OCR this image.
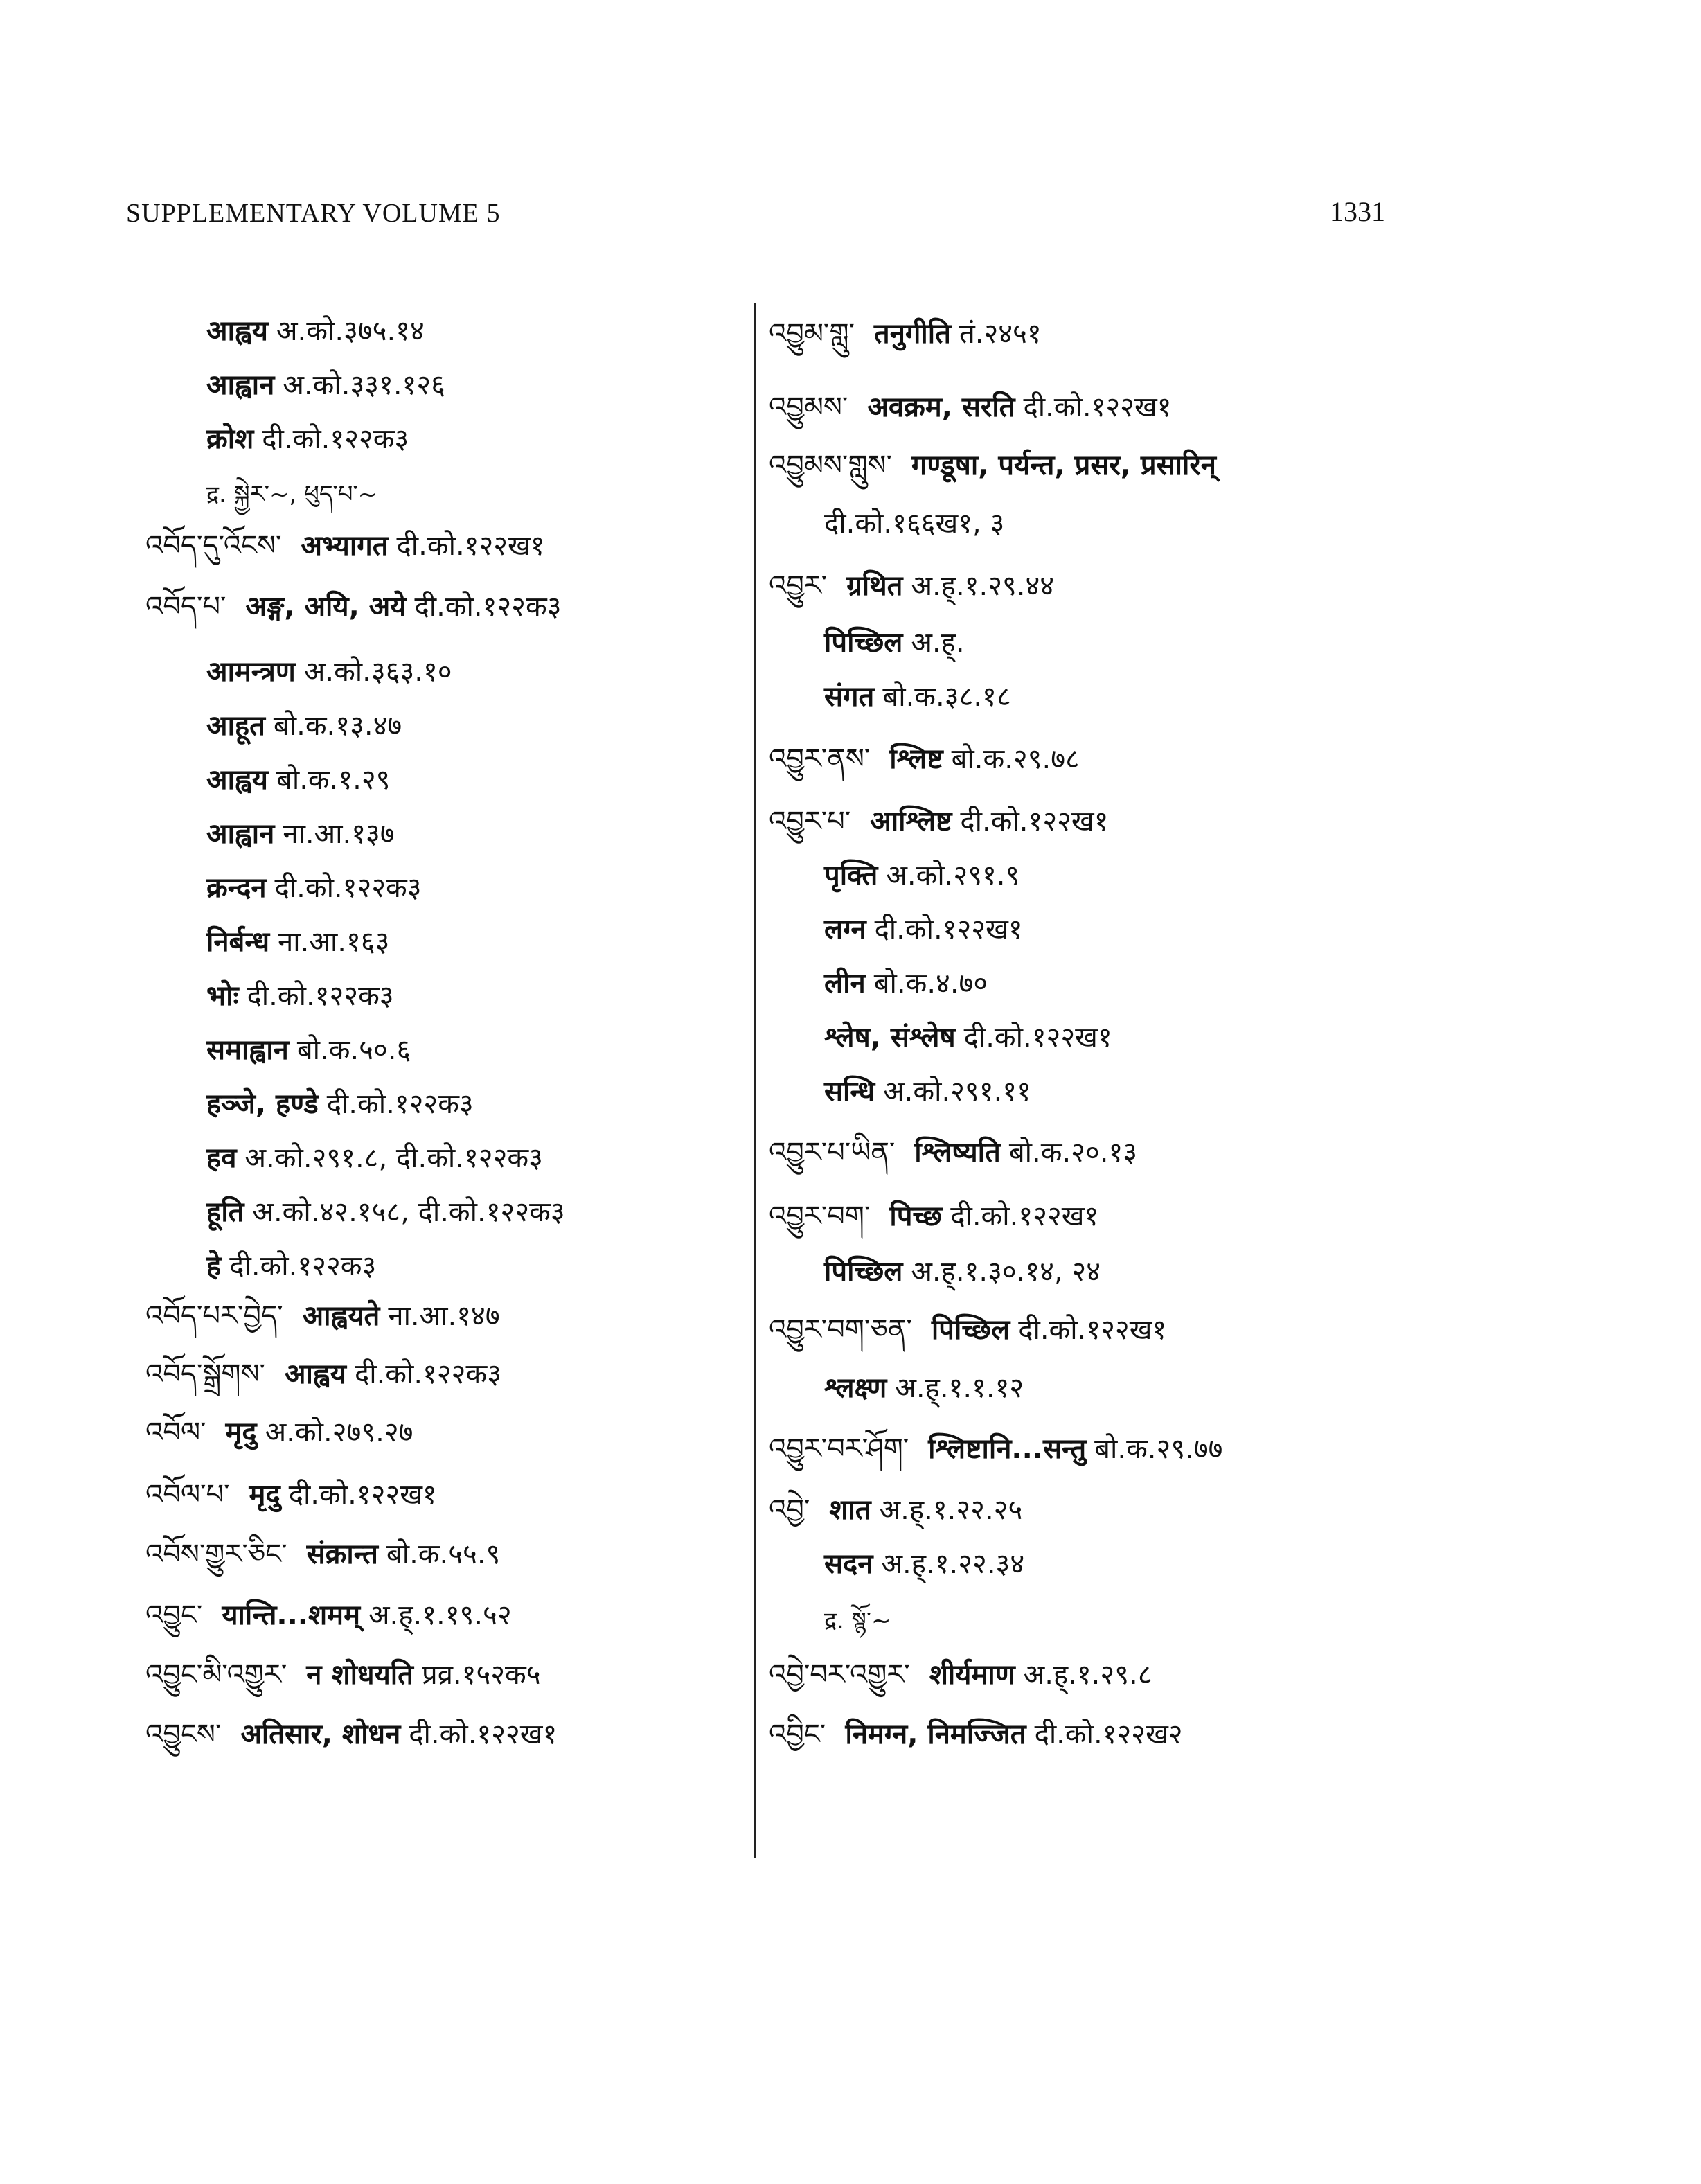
SUPPLEMENTARY VOLUME 5	1331
आह्वय अ.को.३७५.१४
आह्वान अ.को.३३१.१२६
क्रोश दी.को.१२२क३
द्र. སྐྱེར་~, ཕུད་པ་~
འབོད་དུ་འོངས་ अभ्यागत दी.को.१२२ख१
འབོད་པ་ अङ्ग, अयि, अये दी.को.१२२क३
आमन्त्रण अ.को.३६३.१०
आहूत बो.क.१३.४७
आह्वय बो.क.१.२९
आह्वान ना.आ.१३७
क्रन्दन दी.को.१२२क३
निर्बन्ध ना.आ.१६३
भोः दी.को.१२२क३
समाह्वान बो.क.५०.६
हञ्जे, हण्डे दी.को.१२२क३
हव अ.को.२९१.८, दी.को.१२२क३
हूति अ.को.४२.१५८, दी.को.१२२क३
हे दी.को.१२२क३
འབོད་པར་བྱེད་ आह्वयते ना.आ.१४७
འབོད་སྒྲོགས་ आह्वय दी.को.१२२क३
འབོལ་ मृदु अ.को.२७९.२७
འབོལ་པ་ मृदु दी.को.१२२ख१
འབོས་གྱུར་ཅིང་ संक्रान्त बो.क.५५.९
འབྱུང་ यान्ति...शमम् अ.ह्.१.१९.५२
འབྱུང་མི་འགྱུར་ न शोधयति प्रव्र.१५२क५
འབྱུངས་ अतिसार, शोधन दी.को.१२२ख१
འབྱུམ་གླུ་ तनुगीति तं.२४५१
འབྱུམས་ अवक्रम, सरति दी.को.१२२ख१
འབྱུམས་གླུས་ गण्डूषा, पर्यन्त, प्रसर, प्रसारिन्
दी.को.१६६ख१, ३
འབྱུར་ ग्रथित अ.ह्.१.२९.४४
पिच्छिल अ.ह्.
संगत बो.क.३८.१८
འབྱུར་ནས་ श्लिष्ट बो.क.२९.७८
འབྱུར་པ་ आश्लिष्ट दी.को.१२२ख१
पृक्ति अ.को.२९१.९
लग्न दी.को.१२२ख१
लीन बो.क.४.७०
श्लेष, संश्लेष दी.को.१२२ख१
सन्धि अ.को.२९१.११
འབྱུར་པ་ཡིན་ श्लिष्यति बो.क.२०.१३
འབྱུར་བག་ पिच्छ दी.को.१२२ख१
पिच्छिल अ.ह्.१.३०.१४, २४
འབྱུར་བག་ཅན་ पिच्छिल दी.को.१२२ख१
श्लक्ष्ण अ.ह्.१.१.१२
འབྱུར་བར་ཤོག་ श्लिष्टानि...सन्तु बो.क.२९.७७
འབྱེ་ शात अ.ह्.१.२२.२५
सदन अ.ह्.१.२२.३४
द्र. སྙོ་~
འབྱེ་བར་འགྱུར་ शीर्यमाण अ.ह्.१.२९.८
འབྱིང་ निमग्न, निमज्जित दी.को.१२२ख२
